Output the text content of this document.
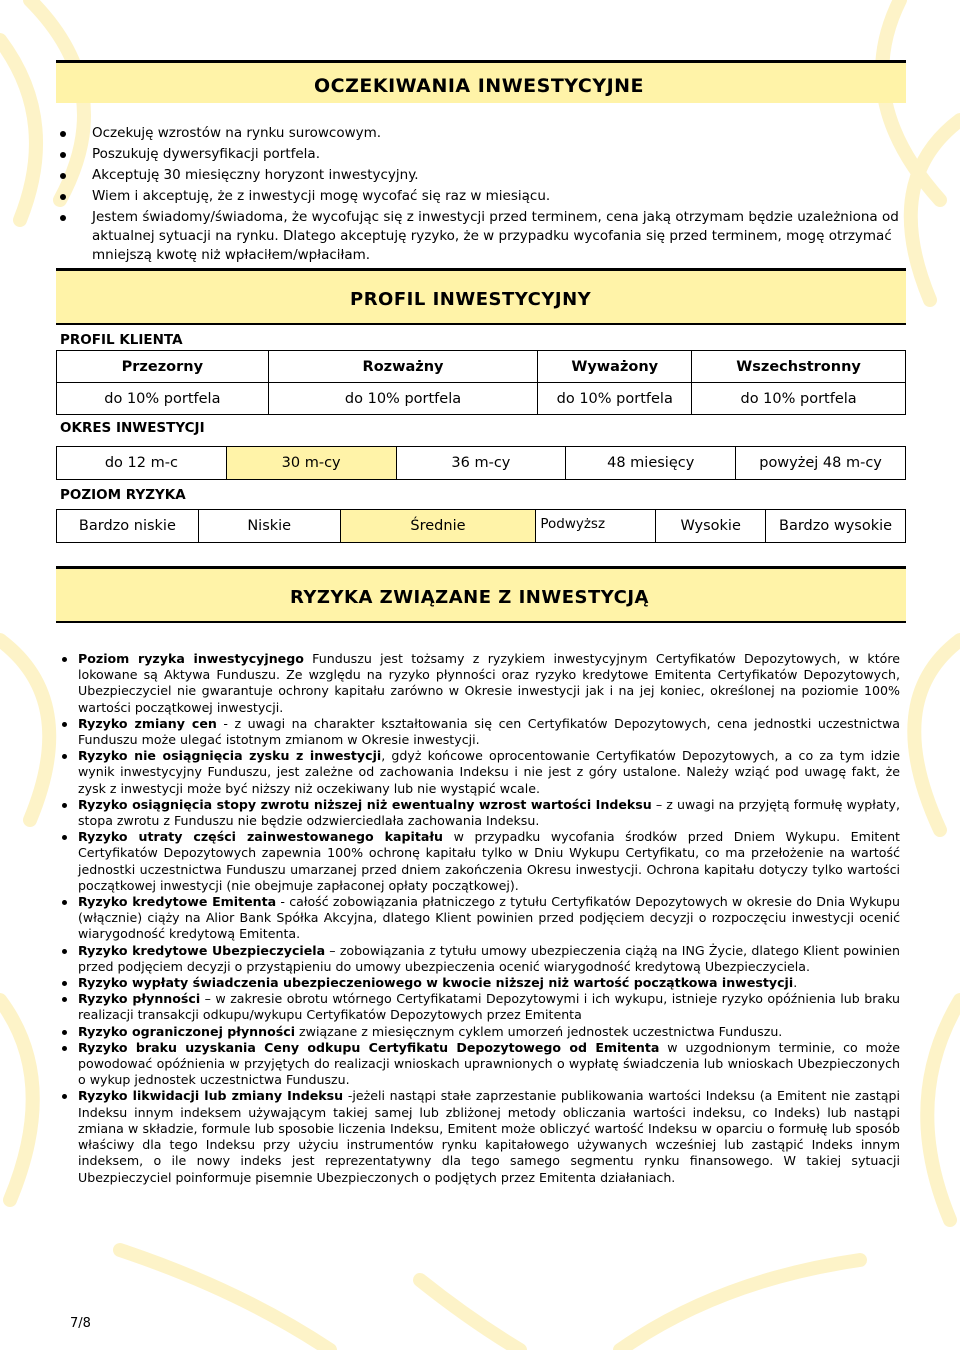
OCZEKIWANIA INWESTYCYJNE
Oczekuję wzrostów na rynku surowcowym.
Poszukuję dywersyfikacji portfela.
Akceptuję 30 miesięczny horyzont inwestycyjny.
Wiem i akceptuję, że z inwestycji mogę wycofać się raz w miesiącu.
Jestem świadomy/świadoma, że wycofując się z inwestycji przed terminem, cena jaką otrzymam będzie uzależniona od aktualnej sytuacji na rynku. Dlatego akceptuję ryzyko, że w przypadku wycofania się przed terminem, mogę otrzymać mniejszą kwotę niż wpłaciłem/wpłaciłam.
PROFIL INWESTYCYJNY
PROFIL KLIENTA
Przezorny	Rozważny	Wyważony	Wszechstronny
do 10% portfela	do 10% portfela	do 10% portfela	do 10% portfela
OKRES INWESTYCJI
do 12 m-c	30 m-cy	36 m-cy	48 miesięcy	powyżej 48 m-cy
POZIOM RYZYKA
Bardzo niskie	Niskie	Średnie	Podwyższ	Wysokie	Bardzo wysokie
RYZYKA ZWIĄZANE Z INWESTYCJĄ
Poziom ryzyka inwestycyjnego Funduszu jest tożsamy z ryzykiem inwestycyjnym Certyfikatów Depozytowych, w które lokowane są Aktywa Funduszu. Ze względu na ryzyko płynności oraz ryzyko kredytowe Emitenta Certyfikatów Depozytowych, Ubezpieczyciel nie gwarantuje ochrony kapitału zarówno w Okresie inwestycji jak i na jej koniec, określonej na poziomie 100% wartości początkowej inwestycji.
Ryzyko zmiany cen - z uwagi na charakter kształtowania się cen Certyfikatów Depozytowych, cena jednostki uczestnictwa Funduszu może ulegać istotnym zmianom w Okresie inwestycji.
Ryzyko nie osiągnięcia zysku z inwestycji, gdyż końcowe oprocentowanie Certyfikatów Depozytowych, a co za tym idzie wynik inwestycyjny Funduszu, jest zależne od zachowania Indeksu i nie jest z góry ustalone. Należy wziąć pod uwagę fakt, że zysk z inwestycji może być niższy niż oczekiwany lub nie wystąpić wcale.
Ryzyko osiągnięcia stopy zwrotu niższej niż ewentualny wzrost wartości Indeksu – z uwagi na przyjętą formułę wypłaty, stopa zwrotu z Funduszu nie będzie odzwierciedlała zachowania Indeksu.
Ryzyko utraty części zainwestowanego kapitału w przypadku wycofania środków przed Dniem Wykupu. Emitent Certyfikatów Depozytowych zapewnia 100% ochronę kapitału tylko w Dniu Wykupu Certyfikatu, co ma przełożenie na wartość jednostki uczestnictwa Funduszu umarzanej przed dniem zakończenia Okresu inwestycji. Ochrona kapitału dotyczy tylko wartości początkowej inwestycji (nie obejmuje zapłaconej opłaty początkowej).
Ryzyko kredytowe Emitenta - całość zobowiązania płatniczego z tytułu Certyfikatów Depozytowych w okresie do Dnia Wykupu (włącznie) ciąży na Alior Bank Spółka Akcyjna, dlatego Klient powinien przed podjęciem decyzji o rozpoczęciu inwestycji ocenić wiarygodność kredytową Emitenta.
Ryzyko kredytowe Ubezpieczyciela – zobowiązania z tytułu umowy ubezpieczenia ciążą na ING Życie, dlatego Klient powinien przed podjęciem decyzji o przystąpieniu do umowy ubezpieczenia ocenić wiarygodność kredytową Ubezpieczyciela.
Ryzyko wypłaty świadczenia ubezpieczeniowego w kwocie niższej niż wartość początkowa inwestycji.
Ryzyko płynności – w zakresie obrotu wtórnego Certyfikatami Depozytowymi i ich wykupu, istnieje ryzyko opóźnienia lub braku realizacji transakcji odkupu/wykupu Certyfikatów Depozytowych przez Emitenta
Ryzyko ograniczonej płynności związane z miesięcznym cyklem umorzeń jednostek uczestnictwa Funduszu.
Ryzyko braku uzyskania Ceny odkupu Certyfikatu Depozytowego od Emitenta w uzgodnionym terminie, co może powodować opóźnienia w przyjętych do realizacji wnioskach uprawnionych o wypłatę świadczenia lub wnioskach Ubezpieczonych o wykup jednostek uczestnictwa Funduszu.
Ryzyko likwidacji lub zmiany Indeksu -jeżeli nastąpi stałe zaprzestanie publikowania wartości Indeksu (a Emitent nie zastąpi Indeksu innym indeksem używającym takiej samej lub zbliżonej metody obliczania wartości indeksu, co Indeks) lub nastąpi zmiana w składzie, formule lub sposobie liczenia Indeksu, Emitent może obliczyć wartość Indeksu w oparciu o formułę lub sposób właściwy dla tego Indeksu przy użyciu instrumentów rynku kapitałowego używanych wcześniej lub zastąpić Indeks innym indeksem, o ile nowy indeks jest reprezentatywny dla tego samego segmentu rynku finansowego. W takiej sytuacji Ubezpieczyciel poinformuje pisemnie Ubezpieczonych o podjętych przez Emitenta działaniach.
7/8
